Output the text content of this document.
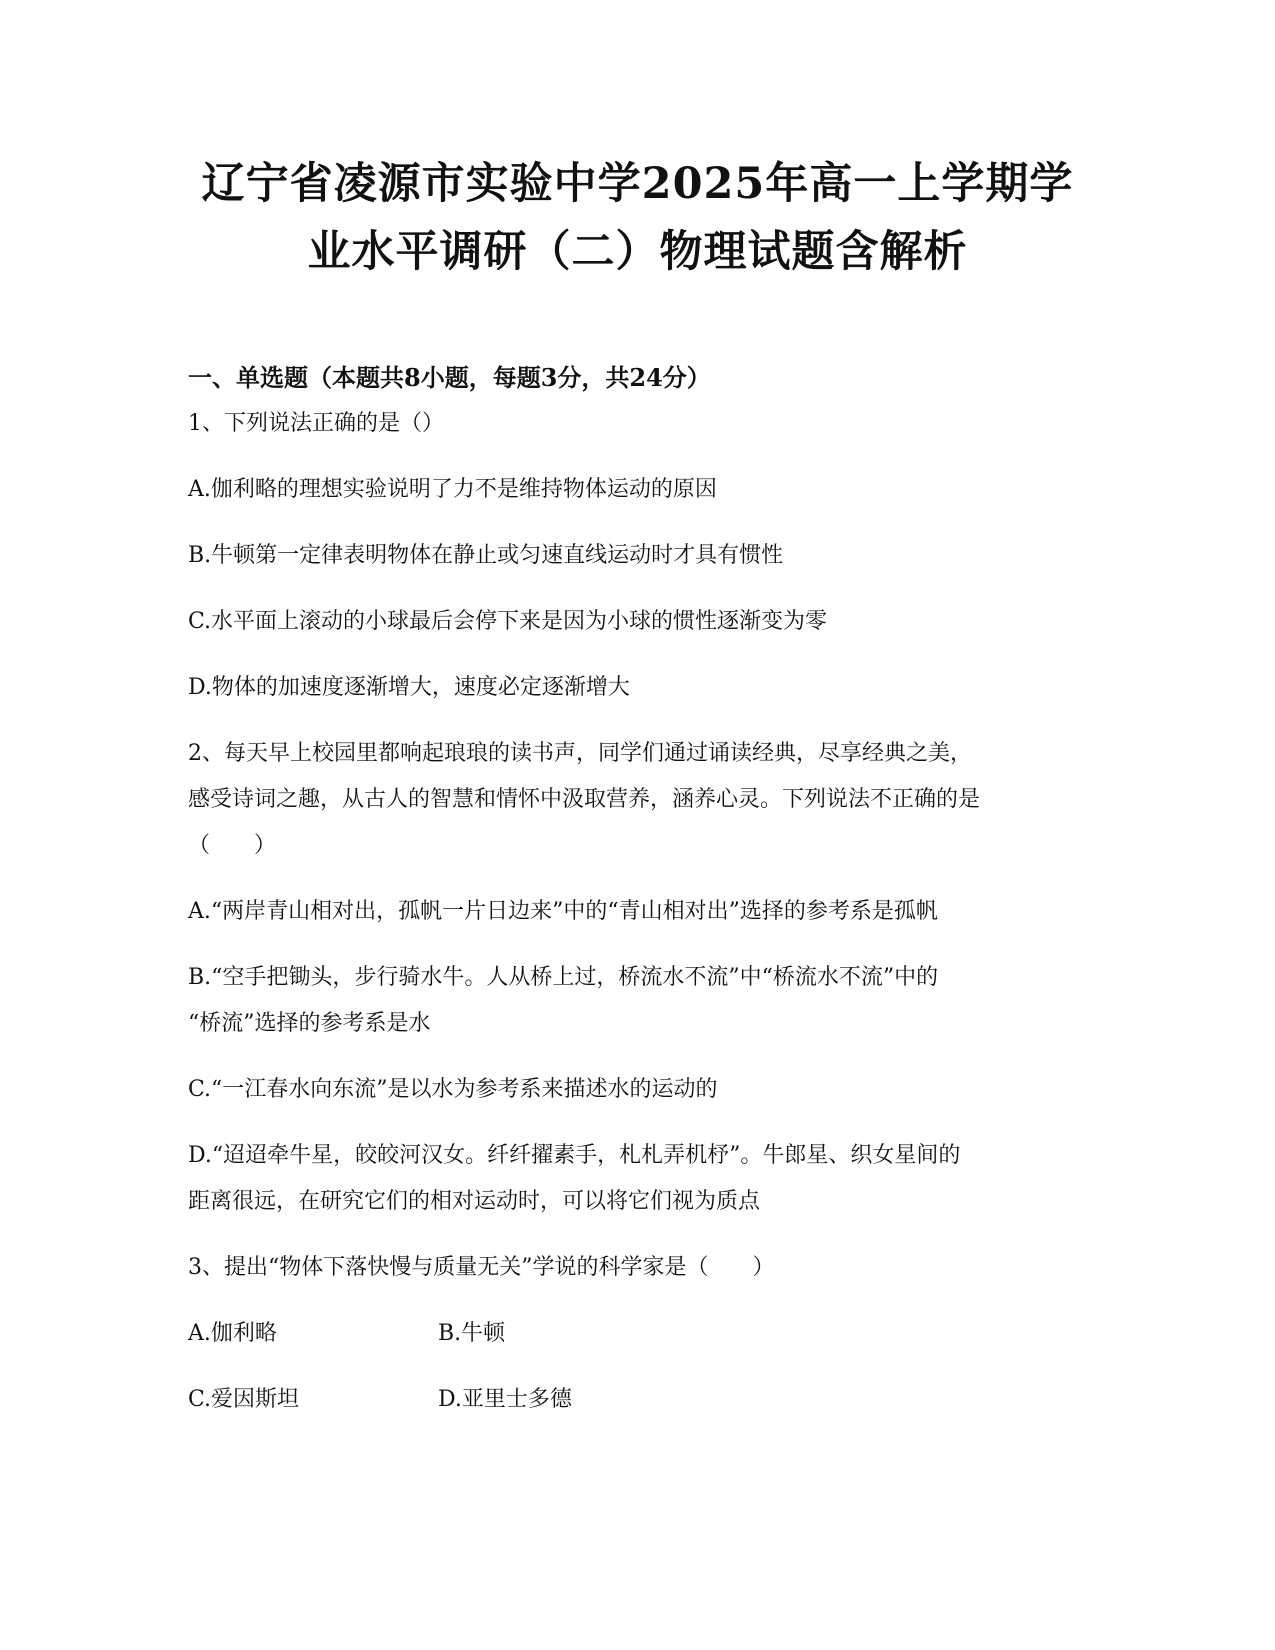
辽宁省凌源市实验中学2025年高一上学期学
业水平调研（二）物理试题含解析
一、单选题（本题共8小题，每题3分，共24分）
1、下列说法正确的是（）
A.伽利略的理想实验说明了力不是维持物体运动的原因
B.牛顿第一定律表明物体在静止或匀速直线运动时才具有惯性
C.水平面上滚动的小球最后会停下来是因为小球的惯性逐渐变为零
D.物体的加速度逐渐增大，速度必定逐渐增大
2、每天早上校园里都响起琅琅的读书声，同学们通过诵读经典，尽享经典之美，
感受诗词之趣，从古人的智慧和情怀中汲取营养，涵养心灵。下列说法不正确的是
（　　）
A.“两岸青山相对出，孤帆一片日边来”中的“青山相对出”选择的参考系是孤帆
B.“空手把锄头，步行骑水牛。人从桥上过，桥流水不流”中“桥流水不流”中的
“桥流”选择的参考系是水
C.“一江春水向东流”是以水为参考系来描述水的运动的
D.“迢迢牵牛星，皎皎河汉女。纤纤擢素手，札札弄机杼”。牛郎星、织女星间的
距离很远，在研究它们的相对运动时，可以将它们视为质点
3、提出“物体下落快慢与质量无关”学说的科学家是（　　）
A.伽利略	B.牛顿
C.爱因斯坦	D.亚里士多德
